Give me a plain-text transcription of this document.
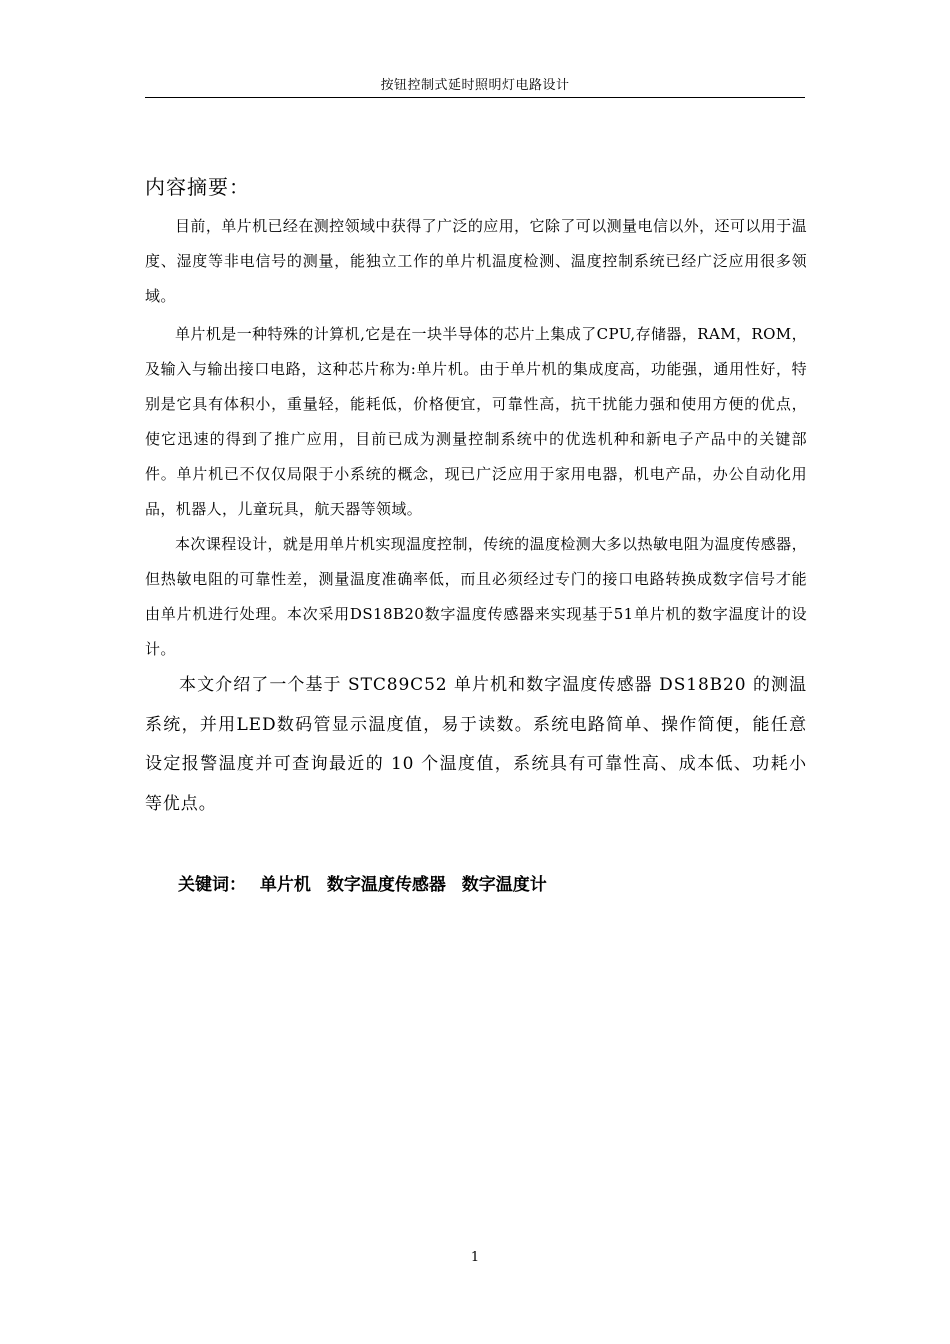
按钮控制式延时照明灯电路设计
内容摘要：

目前，单片机已经在测控领域中获得了广泛的应用，它除了可以测量电信以外，还可以用于温度、湿度等非电信号的测量，能独立工作的单片机温度检测、温度控制系统已经广泛应用很多领域。

单片机是一种特殊的计算机,它是在一块半导体的芯片上集成了CPU,存储器，RAM，ROM，及输入与输出接口电路，这种芯片称为:单片机。由于单片机的集成度高，功能强，通用性好，特别是它具有体积小，重量轻，能耗低，价格便宜，可靠性高，抗干扰能力强和使用方便的优点，使它迅速的得到了推广应用，目前已成为测量控制系统中的优选机种和新电子产品中的关键部件。单片机已不仅仅局限于小系统的概念，现已广泛应用于家用电器，机电产品，办公自动化用品，机器人，儿童玩具，航天器等领域。

本次课程设计，就是用单片机实现温度控制，传统的温度检测大多以热敏电阻为温度传感器，但热敏电阻的可靠性差，测量温度准确率低，而且必须经过专门的接口电路转换成数字信号才能由单片机进行处理。本次采用DS18B20数字温度传感器来实现基于51单片机的数字温度计的设计。

本文介绍了一个基于 STC89C52 单片机和数字温度传感器 DS18B20 的测温系统，并用LED数码管显示温度值，易于读数。系统电路简单、操作简便，能任意设定报警温度并可查询最近的 10 个温度值，系统具有可靠性高、成本低、功耗小等优点。

关键词： 单片机 数字温度传感器 数字温度计
1
